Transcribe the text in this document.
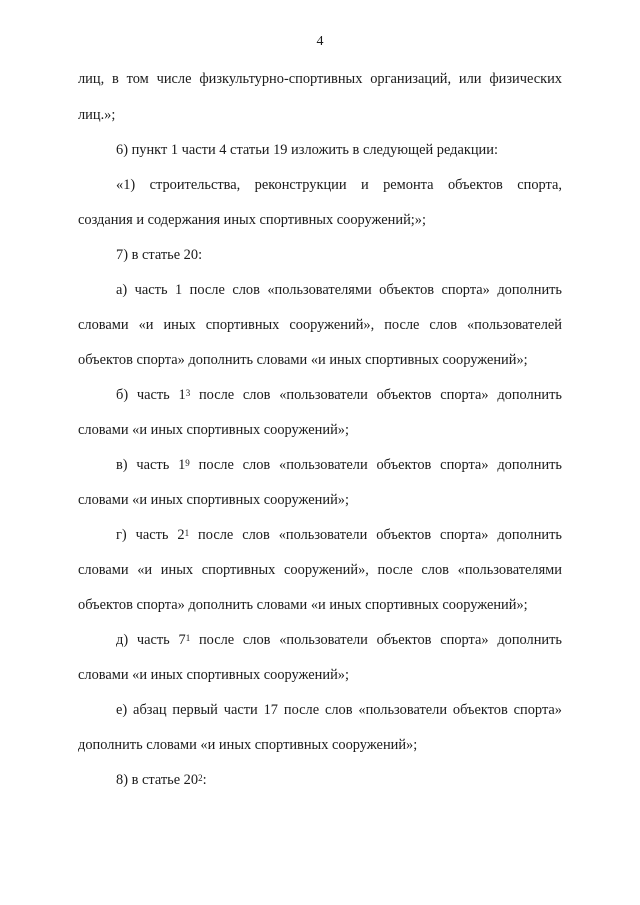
4
лиц, в том числе физкультурно-спортивных организаций, или физических
лиц.»;
6) пункт 1 части 4 статьи 19 изложить в следующей редакции:
«1) строительства, реконструкции и ремонта объектов спорта,
создания и содержания иных спортивных сооружений;»;
7) в статье 20:
а) часть 1 после слов «пользователями объектов спорта» дополнить
словами «и иных спортивных сооружений», после слов «пользователей
объектов спорта» дополнить словами «и иных спортивных сооружений»;
б) часть $1^3$ после слов «пользователи объектов спорта» дополнить
словами «и иных спортивных сооружений»;
в) часть $1^9$ после слов «пользователи объектов спорта» дополнить
словами «и иных спортивных сооружений»;
г) часть $2^1$ после слов «пользователи объектов спорта» дополнить
словами «и иных спортивных сооружений», после слов «пользователями
объектов спорта» дополнить словами «и иных спортивных сооружений»;
д) часть $7^1$ после слов «пользователи объектов спорта» дополнить
словами «и иных спортивных сооружений»;
е) абзац первый части 17 после слов «пользователи объектов спорта»
дополнить словами «и иных спортивных сооружений»;
8) в статье $20^2$:
